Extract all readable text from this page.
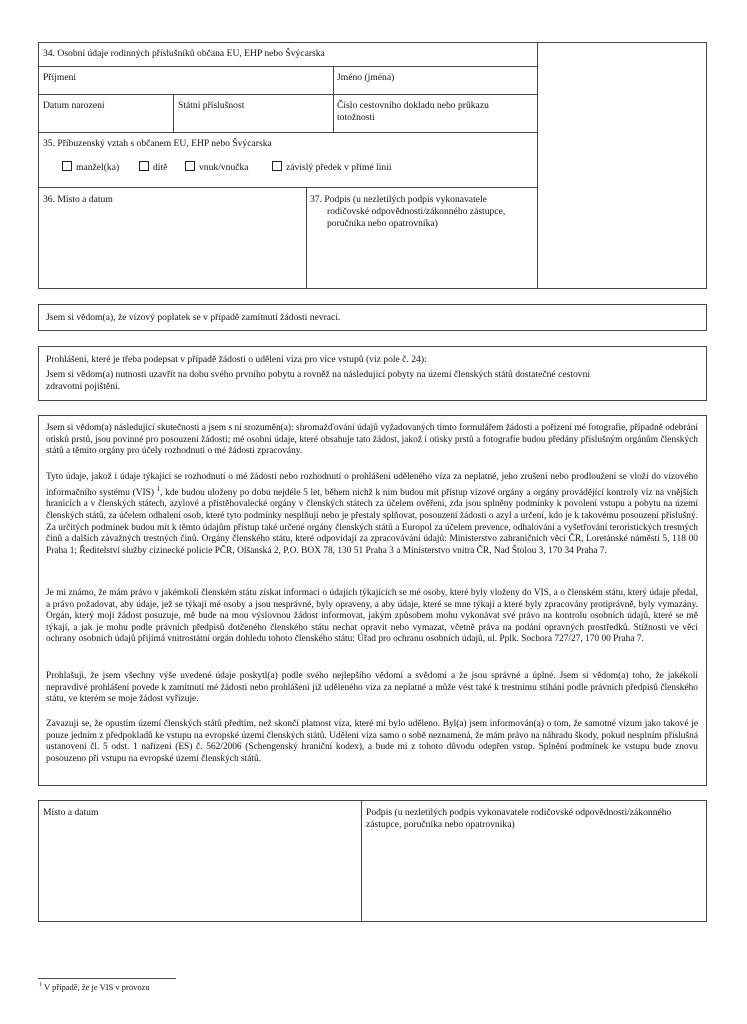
34. Osobní údaje rodinných příslušníků občana EU, EHP nebo Švýcarska
Příjmení	Jméno (jména)
Datum narození	Státní příslušnost	Číslo cestovního dokladu nebo průkazu
totožnosti
35. Příbuzenský vztah s občanem EU, EHP nebo Švýcarska
manžel(ka)	dítě	vnuk/vnučka	závislý předek v přímé linii
36. Místo a datum	37. Podpis (u nezletilých podpis vykonavatele
rodičovské odpovědnosti/zákonného zástupce,
poručníka nebo opatrovníka)
Jsem si vědom(a), že vízový poplatek se v případě zamítnutí žádosti nevrací.
Prohlášení, které je třeba podepsat v případě žádosti o udělení víza pro více vstupů (viz pole č. 24):
Jsem si vědom(a) nutnosti uzavřít na dobu svého prvního pobytu a rovněž na následující pobyty na území členských států dostatečné cestovní
zdravotní pojištění.
Jsem si vědom(a) následující skutečnosti a jsem s ní srozuměn(a): shromažďování údajů vyžadovaných tímto formulářem žádosti a pořízení mé fotografie, případně odebrání otisků prstů, jsou povinné pro posouzení žádosti; mé osobní údaje, které obsahuje tato žádost, jakož i otisky prstů a fotografie budou předány příslušným orgánům členských států a těmito orgány pro účely rozhodnutí o mé žádosti zpracovány.
Tyto údaje, jakož i údaje týkající se rozhodnutí o mé žádosti nebo rozhodnutí o prohlášení uděleného víza za neplatné, jeho zrušení nebo prodloužení se vloží do vízového informačního systému (VIS) $^1$, kde budou uloženy po dobu nejdéle 5 let, během nichž k nim budou mít přístup vízové orgány a orgány provádějící kontroly víz na vnějších hranicích a v členských státech, azylové a přistěhovalecké orgány v členských státech za účelem ověření, zda jsou splněny podmínky k povolení vstupu a pobytu na území členských států, za účelem odhalení osob, které tyto podmínky nesplňují nebo je přestaly splňovat, posouzení žádosti o azyl a určení, kdo je k takovému posouzení příslušný. Za určitých podmínek budou mít k těmto údajům přístup také určené orgány členských států a Europol za účelem prevence, odhalování a vyšetřování teroristických trestných činů a dalších závažných trestných činů. Orgány členského státu, které odpovídají za zpracovávání údajů: Ministerstvo zahraničních věcí ČR, Loretánské náměstí 5, 118 00 Praha 1; Ředitelství služby cizinecké policie PČR, Olšanská 2, P.O. BOX 78, 130 51 Praha 3 a Ministerstvo vnitra ČR, Nad Štolou 3, 170 34 Praha 7.
Je mi známo, že mám právo v jakémkoli členském státu získat informaci o údajích týkajících se mé osoby, které byly vloženy do VIS, a o členském státu, který údaje předal, a právo požadovat, aby údaje, jež se týkají mé osoby a jsou nesprávné, byly opraveny, a aby údaje, které se mne týkají a které byly zpracovány protiprávně, byly vymazány. Orgán, který mojí žádost posuzuje, mě bude na mou výslovnou žádost informovat, jakým způsobem mohu vykonávat své právo na kontrolu osobních údajů, které se mě týkají, a jak je mohu podle právních předpisů dotčeného členského státu nechat opravit nebo vymazat, včetně práva na podání opravných prostředků. Stížnosti ve věci ochrany osobních údajů přijímá vnitrostátní orgán dohledu tohoto členského státu: Úřad pro ochranu osobních údajů, ul. Pplk. Sochora 727/27, 170 00 Praha 7.
Prohlašuji, že jsem všechny výše uvedené údaje poskytl(a) podle svého nejlepšího vědomí a svědomí a že jsou správné a úplné. Jsem si vědom(a) toho, že jakékoli nepravdivé prohlášení povede k zamítnutí mé žádosti nebo prohlášení již uděleného víza za neplatné a může vést také k trestnímu stíhání podle právních předpisů členského státu, ve kterém se moje žádost vyřizuje.
Zavazuji se, že opustím území členských států předtím, než skončí platnost víza, které mi bylo uděleno. Byl(a) jsem informován(a) o tom, že samotné vízum jako takové je pouze jedním z předpokladů ke vstupu na evropské území členských států. Udělení víza samo o sobě neznamená, že mám právo na náhradu škody, pokud nesplním příslušná ustanovení čl. 5 odst. 1 nařízení (ES) č. 562/2006 (Schengenský hraniční kodex), a bude mi z tohoto důvodu odepřen vstup. Splnění podmínek ke vstupu bude znovu posouzeno při vstupu na evropské území členských států.
Místo a datum	Podpis (u nezletilých podpis vykonavatele rodičovské odpovědnosti/zákonného
zástupce, poručníka nebo opatrovníka)
$^1$ V případě, že je VIS v provozu
